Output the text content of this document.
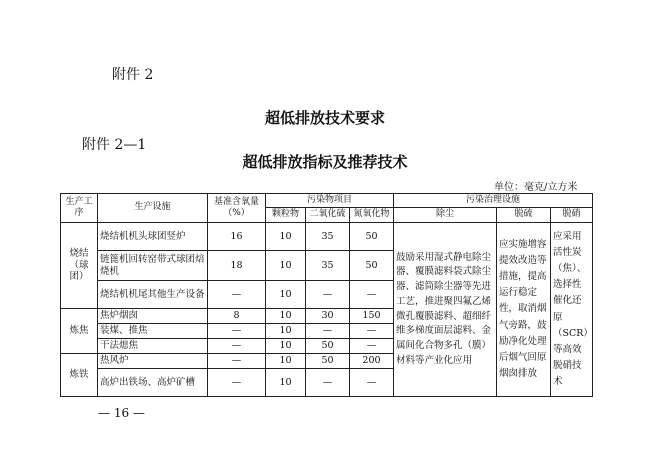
附件 2
超低排放技术要求
附件 2—1
超低排放指标及推荐技术
单位：毫克/立方米
生产工序	生产设施	基准含氧量（%）	污染物项目			污染治理设施		
			颗粒物	二氧化硫	氮氧化物	除尘	脱硫	脱硝
烧结（球团）	烧结机机头球团竖炉	16	10	35	50	鼓励采用湿式静电除尘器、覆膜滤料袋式除尘器、滤筒除尘器等先进工艺，推进聚四氟乙烯微孔覆膜滤料、超细纤维多梯度面层滤料、金属间化合物多孔（膜）材料等产业化应用	应实施增容提效改造等措施，提高运行稳定性，取消烟气旁路，鼓励净化处理后烟气回原烟囱排放	应采用活性炭（焦）、选择性催化还原（SCR）等高效脱硝技术
	链篦机回转窑带式球团焙烧机	18	10	35	50			
	烧结机机尾其他生产设备	—	10	—	—			
炼焦	焦炉烟囱	8	10	30	150			
	装煤、推焦	—	10	—	—			
	干法熄焦	—	10	50	—			
炼铁	热风炉	—	10	50	200			
	高炉出铁场、高炉矿槽	—	10	—	—			
— 16 —
